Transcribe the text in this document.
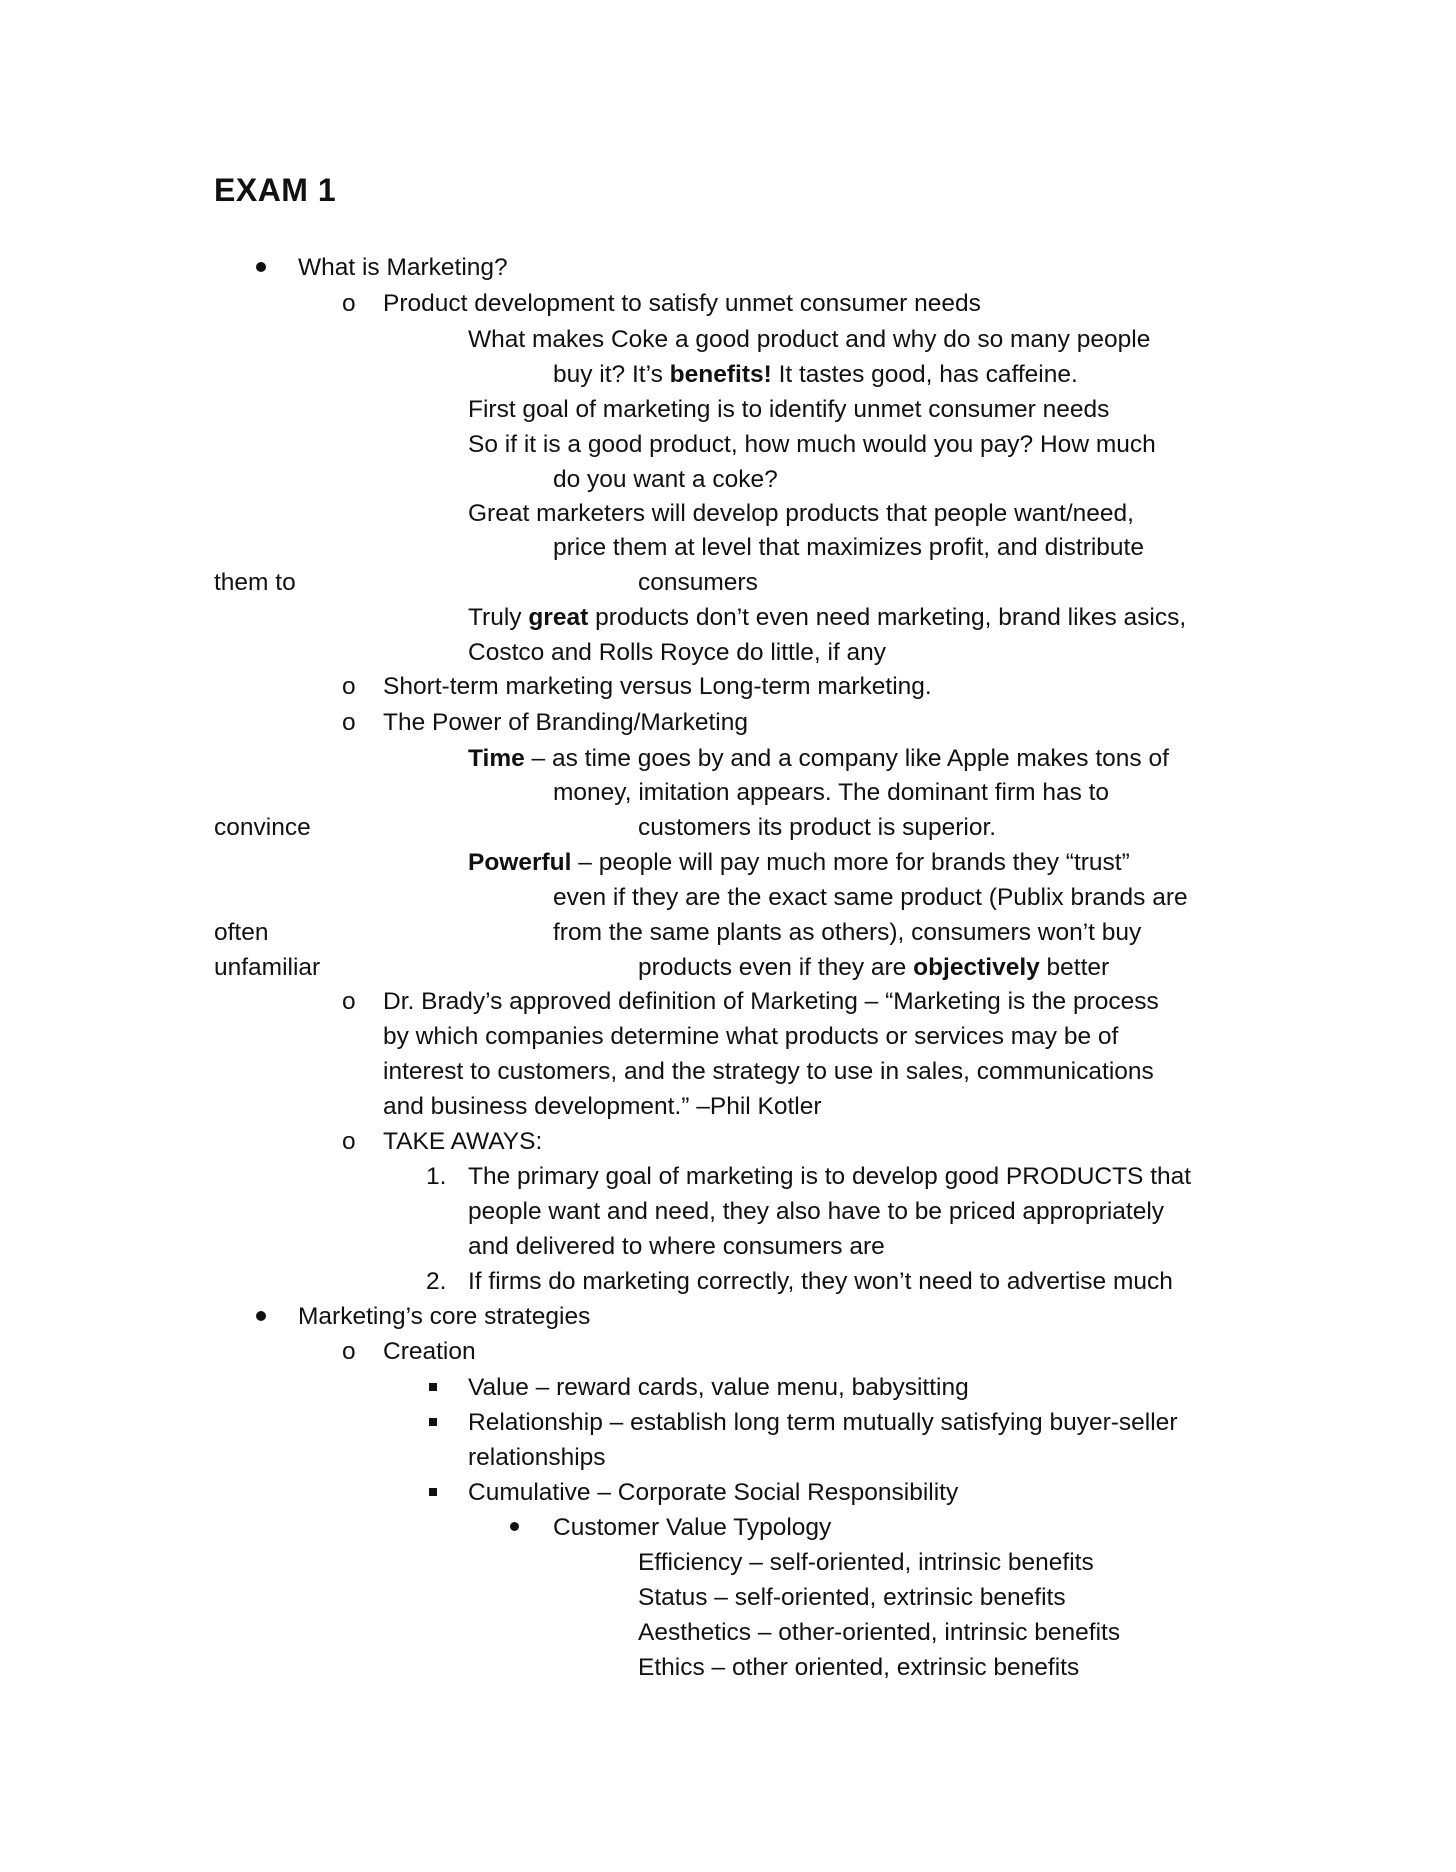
EXAM 1
What is Marketing?
o Product development to satisfy unmet consumer needs
What makes Coke a good product and why do so many people
buy it? It’s benefits! It tastes good, has caffeine.
First goal of marketing is to identify unmet consumer needs
So if it is a good product, how much would you pay? How much
do you want a coke?
Great marketers will develop products that people want/need,
price them at level that maximizes profit, and distribute
them to	consumers
Truly great products don’t even need marketing, brand likes asics,
Costco and Rolls Royce do little, if any
o Short-term marketing versus Long-term marketing.
o The Power of Branding/Marketing
Time – as time goes by and a company like Apple makes tons of
money, imitation appears. The dominant firm has to
convince	customers its product is superior.
Powerful – people will pay much more for brands they “trust”
even if they are the exact same product (Publix brands are
often	from the same plants as others), consumers won’t buy
unfamiliar	products even if they are objectively better
o Dr. Brady’s approved definition of Marketing – “Marketing is the process
by which companies determine what products or services may be of
interest to customers, and the strategy to use in sales, communications
and business development.” –Phil Kotler
o TAKE AWAYS:
1. The primary goal of marketing is to develop good PRODUCTS that
people want and need, they also have to be priced appropriately
and delivered to where consumers are
2. If firms do marketing correctly, they won’t need to advertise much
Marketing’s core strategies
o Creation
Value – reward cards, value menu, babysitting
Relationship – establish long term mutually satisfying buyer-seller
relationships
Cumulative – Corporate Social Responsibility
Customer Value Typology
Efficiency – self-oriented, intrinsic benefits
Status – self-oriented, extrinsic benefits
Aesthetics – other-oriented, intrinsic benefits
Ethics – other oriented, extrinsic benefits
